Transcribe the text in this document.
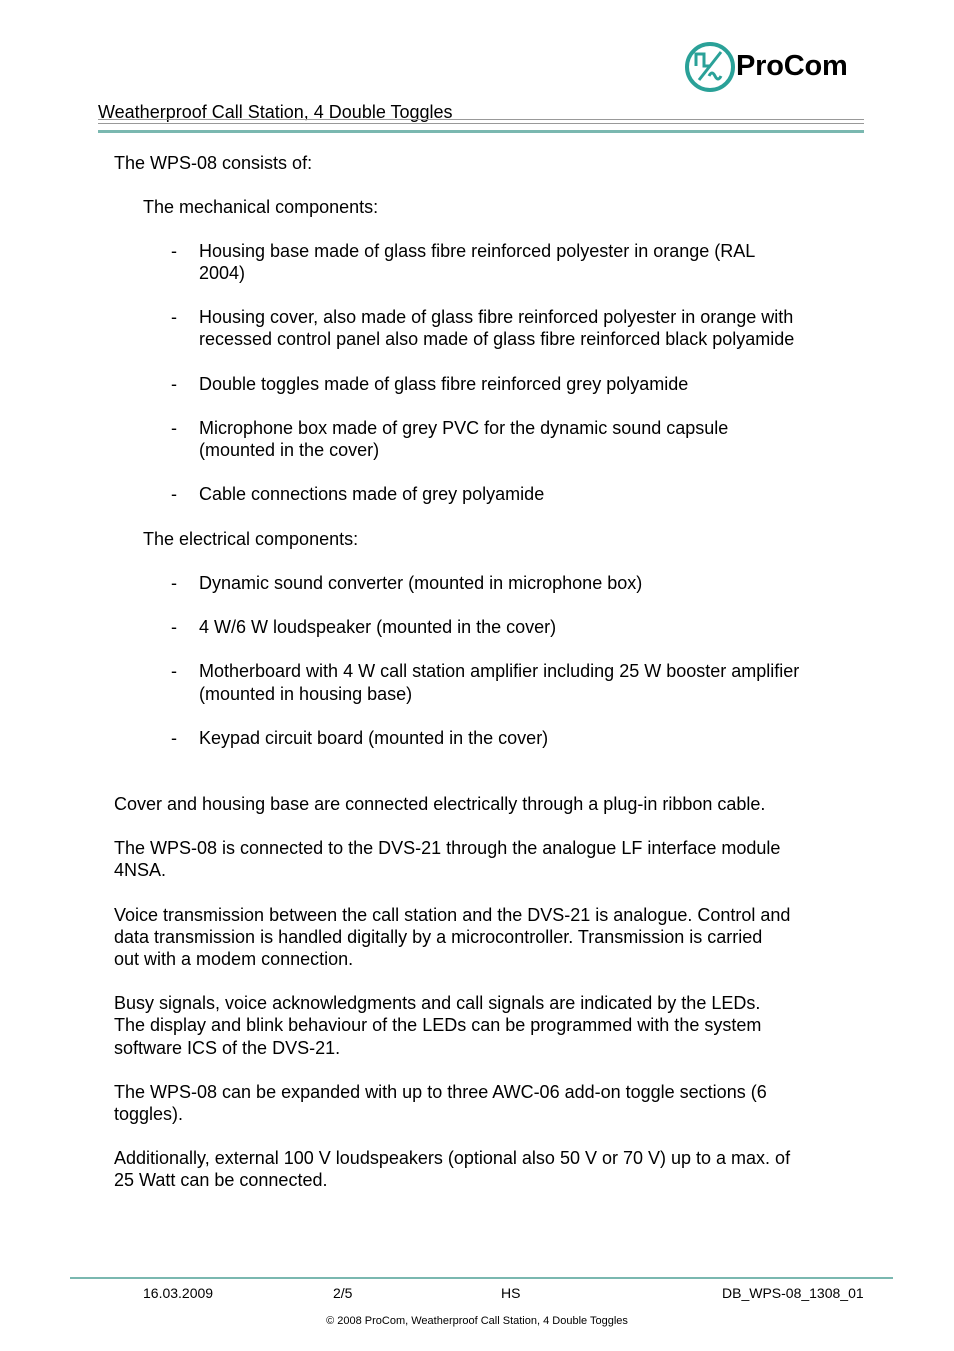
ProCom
Weatherproof Call Station, 4 Double Toggles
The WPS-08 consists of:
The mechanical components:
- Housing base made of glass fibre reinforced polyester in orange (RAL
2004)
- Housing cover, also made of glass fibre reinforced polyester in orange with
recessed control panel also made of glass fibre reinforced black polyamide
- Double toggles made of glass fibre reinforced grey polyamide
- Microphone box made of grey PVC for the dynamic sound capsule
(mounted in the cover)
- Cable connections made of grey polyamide
The electrical components:
- Dynamic sound converter (mounted in microphone box)
- 4 W/6 W loudspeaker (mounted in the cover)
- Motherboard with 4 W call station amplifier including 25 W booster amplifier
(mounted in housing base)
- Keypad circuit board (mounted in the cover)
Cover and housing base are connected electrically through a plug-in ribbon cable.
The WPS-08 is connected to the DVS-21 through the analogue LF interface module
4NSA.
Voice transmission between the call station and the DVS-21 is analogue. Control and
data transmission is handled digitally by a microcontroller. Transmission is carried
out with a modem connection.
Busy signals, voice acknowledgments and call signals are indicated by the LEDs.
The display and blink behaviour of the LEDs can be programmed with the system
software ICS of the DVS-21.
The WPS-08 can be expanded with up to three AWC-06 add-on toggle sections (6
toggles).
Additionally, external 100 V loudspeakers (optional also 50 V or 70 V) up to a max. of
25 Watt can be connected.
16.03.2009	2/5	HS	DB_WPS-08_1308_01
© 2008 ProCom, Weatherproof Call Station, 4 Double Toggles
